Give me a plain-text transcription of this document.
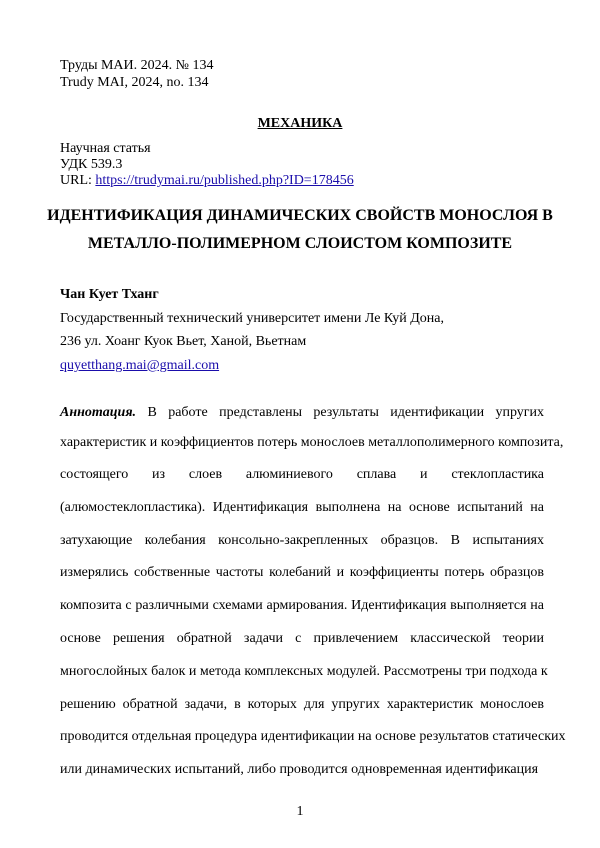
Труды МАИ. 2024. № 134
Trudy MAI, 2024, no. 134
МЕХАНИКА
Научная статья
УДК 539.3
URL: https://trudymai.ru/published.php?ID=178456
ИДЕНТИФИКАЦИЯ ДИНАМИЧЕСКИХ СВОЙСТВ МОНОСЛОЯ В
МЕТАЛЛО-ПОЛИМЕРНОМ СЛОИСТОМ КОМПОЗИТЕ
Чан Кует Тханг
Государственный технический университет имени Ле Куй Дона,
236 ул. Хоанг Куок Вьет, Ханой, Вьетнам
quyetthang.mai@gmail.com
Аннотация. В работе представлены результаты идентификации упругих
характеристик и коэффициентов потерь монослоев металлополимерного композита,
состоящего из слоев алюминиевого сплава и стеклопластика
(алюмостеклопластика). Идентификация выполнена на основе испытаний на
затухающие колебания консольно-закрепленных образцов. В испытаниях
измерялись собственные частоты колебаний и коэффициенты потерь образцов
композита с различными схемами армирования. Идентификация выполняется на
основе решения обратной задачи с привлечением классической теории
многослойных балок и метода комплексных модулей. Рассмотрены три подхода к
решению обратной задачи, в которых для упругих характеристик монослоев
проводится отдельная процедура идентификации на основе результатов статических
или динамических испытаний, либо проводится одновременная идентификация
1
